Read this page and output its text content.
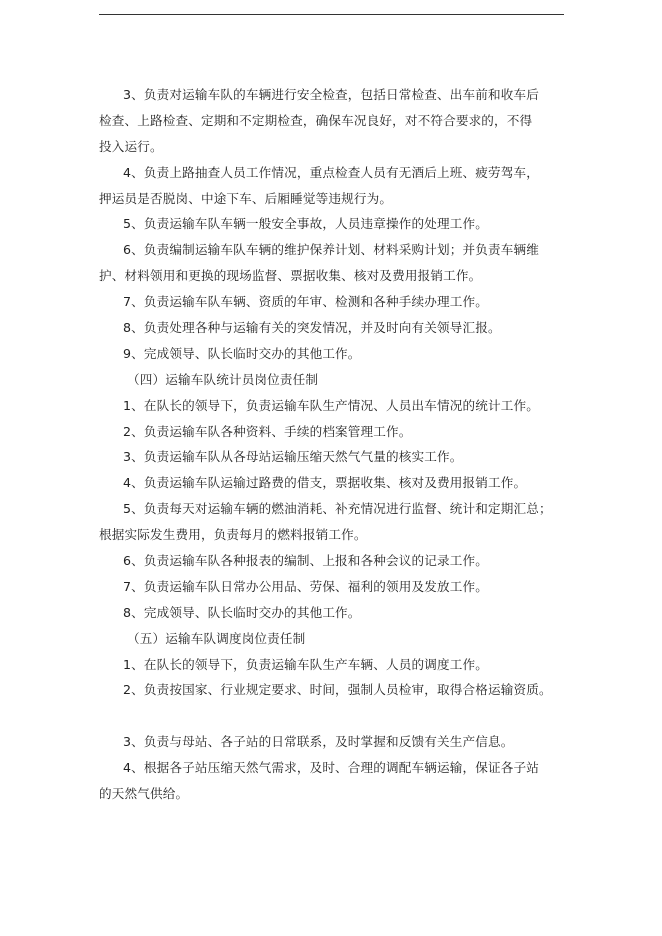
3、负责对运输车队的车辆进行安全检查，包括日常检查、出车前和收车后
检查、上路检查、定期和不定期检查，确保车况良好，对不符合要求的，不得
投入运行。
4、负责上路抽查人员工作情况，重点检查人员有无酒后上班、疲劳驾车，
押运员是否脱岗、中途下车、后厢睡觉等违规行为。
5、负责运输车队车辆一般安全事故，人员违章操作的处理工作。
6、负责编制运输车队车辆的维护保养计划、材料采购计划；并负责车辆维
护、材料领用和更换的现场监督、票据收集、核对及费用报销工作。
7、负责运输车队车辆、资质的年审、检测和各种手续办理工作。
8、负责处理各种与运输有关的突发情况，并及时向有关领导汇报。
9、完成领导、队长临时交办的其他工作。
（四）运输车队统计员岗位责任制
1、在队长的领导下，负责运输车队生产情况、人员出车情况的统计工作。
2、负责运输车队各种资料、手续的档案管理工作。
3、负责运输车队从各母站运输压缩天然气气量的核实工作。
4、负责运输车队运输过路费的借支，票据收集、核对及费用报销工作。
5、负责每天对运输车辆的燃油消耗、补充情况进行监督、统计和定期汇总；
根据实际发生费用，负责每月的燃料报销工作。
6、负责运输车队各种报表的编制、上报和各种会议的记录工作。
7、负责运输车队日常办公用品、劳保、福利的领用及发放工作。
8、完成领导、队长临时交办的其他工作。
（五）运输车队调度岗位责任制
1、在队长的领导下，负责运输车队生产车辆、人员的调度工作。
2、负责按国家、行业规定要求、时间，强制人员检审，取得合格运输资质。
3、负责与母站、各子站的日常联系，及时掌握和反馈有关生产信息。
4、根据各子站压缩天然气需求，及时、合理的调配车辆运输，保证各子站
的天然气供给。
